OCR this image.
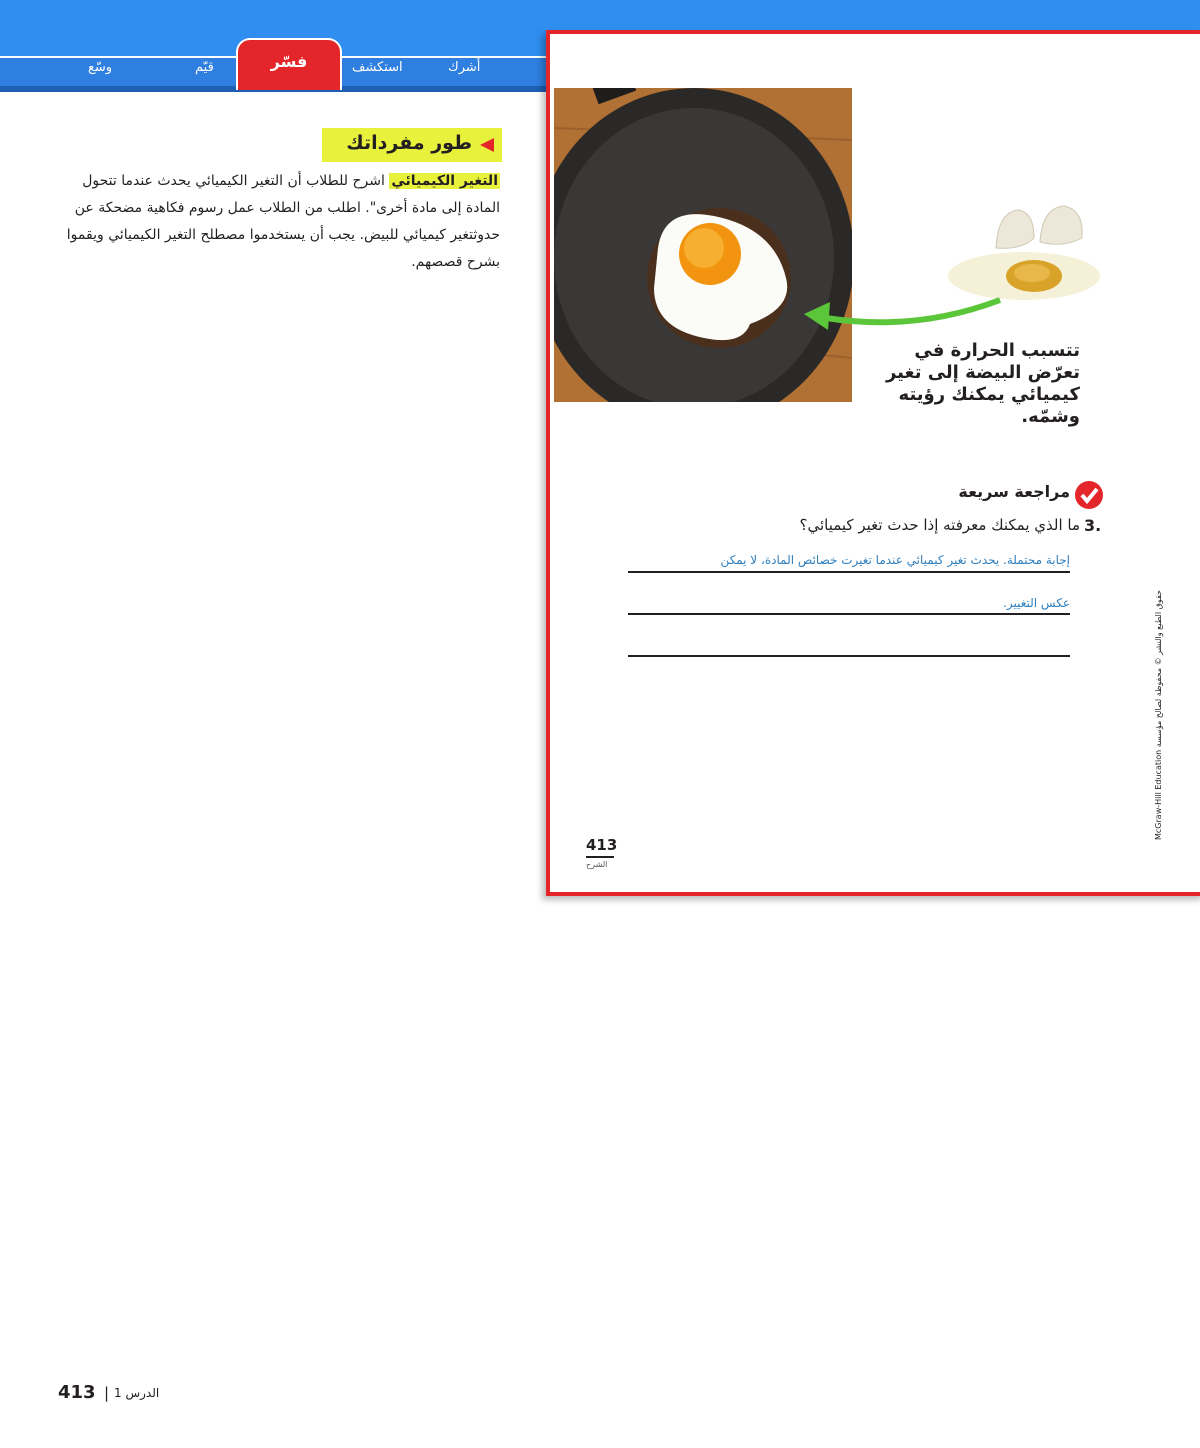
أشرك
استكشف
فسّر
قيّم
وسّع
طور مفرداتك
التغير الكيميائي اشرح للطلاب أن التغير الكيميائي يحدث عندما تتحول المادة إلى مادة أخرى". اطلب من الطلاب عمل رسوم فكاهية مضحكة عن حدوثتغير كيميائي للبيض. يجب أن يستخدموا مصطلح التغير الكيميائي ويقموا بشرح قصصهم.
تتسبب الحرارة في تعرّض البيضة إلى تغير كيميائي يمكنك رؤيته وشمّه.
مراجعة سريعة
ما الذي يمكنك معرفته إذا حدث تغير كيميائي؟ 3.
إجابة محتملة. يحدث تغير كيميائي عندما تغيرت خصائص المادة، لا يمكن
عكس التغيير.
413
الشرح
McGraw-Hill Education حقوق الطبع والنشر © محفوظة لصالح مؤسسة
413 | الدرس 1
